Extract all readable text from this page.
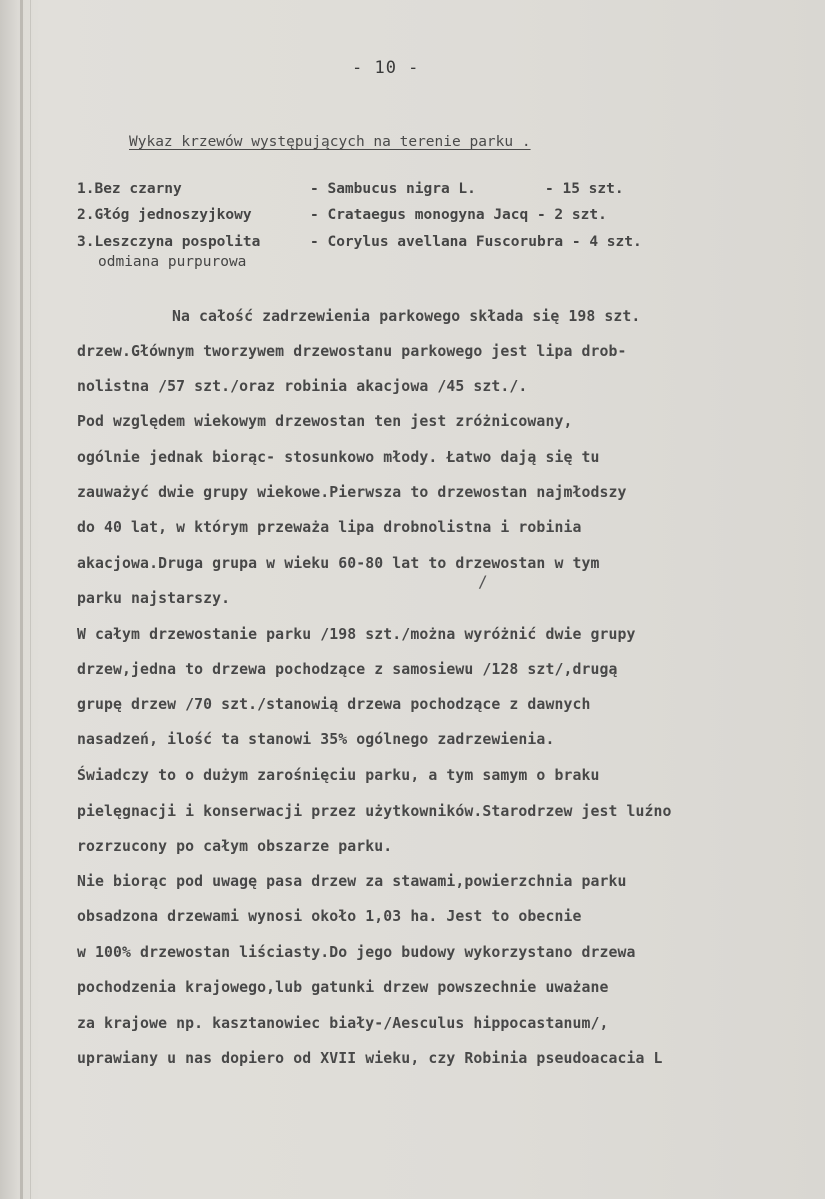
- 10 -
Wykaz krzewów występujących na terenie parku .
1.Bez czarny	- Sambucus nigra L.	- 15 szt.
2.Głóg jednoszyjkowy	- Crataegus monogyna Jacq - 2 szt.
3.Leszczyna pospolita	- Corylus avellana Fuscorubra - 4 szt.
odmiana purpurowa
Na całość zadrzewienia parkowego składa się 198 szt.
drzew.Głównym tworzywem drzewostanu parkowego jest lipa drob-
nolistna /57 szt./oraz robinia akacjowa /45 szt./.
Pod względem wiekowym drzewostan ten jest zróżnicowany,
ogólnie jednak biorąc- stosunkowo młody. Łatwo dają się tu
zauważyć dwie grupy wiekowe.Pierwsza to drzewostan najmłodszy
do 40 lat, w którym przeważa lipa drobnolistna i robinia
akacjowa.Druga grupa w wieku 60-80 lat to drzewostan w tym
parku najstarszy.
W całym drzewostanie parku /198 szt./można wyróżnić dwie grupy
drzew,jedna to drzewa pochodzące z samosiewu /128 szt/,drugą
grupę drzew /70 szt./stanowią drzewa pochodzące z dawnych
nasadzeń, ilość ta stanowi 35% ogólnego zadrzewienia.
Świadczy to o dużym zarośnięciu parku, a tym samym o braku
pielęgnacji i konserwacji przez użytkowników.Starodrzew jest luźno
rozrzucony po całym obszarze parku.
Nie biorąc pod uwagę pasa drzew za stawami,powierzchnia parku
obsadzona drzewami wynosi około 1,03 ha. Jest to obecnie
w 100% drzewostan liściasty.Do jego budowy wykorzystano drzewa
pochodzenia krajowego,lub gatunki drzew powszechnie uważane
za krajowe np. kasztanowiec biały-/Aesculus hippocastanum/,
uprawiany u nas dopiero od XVII wieku, czy Robinia pseudoacacia L
/
